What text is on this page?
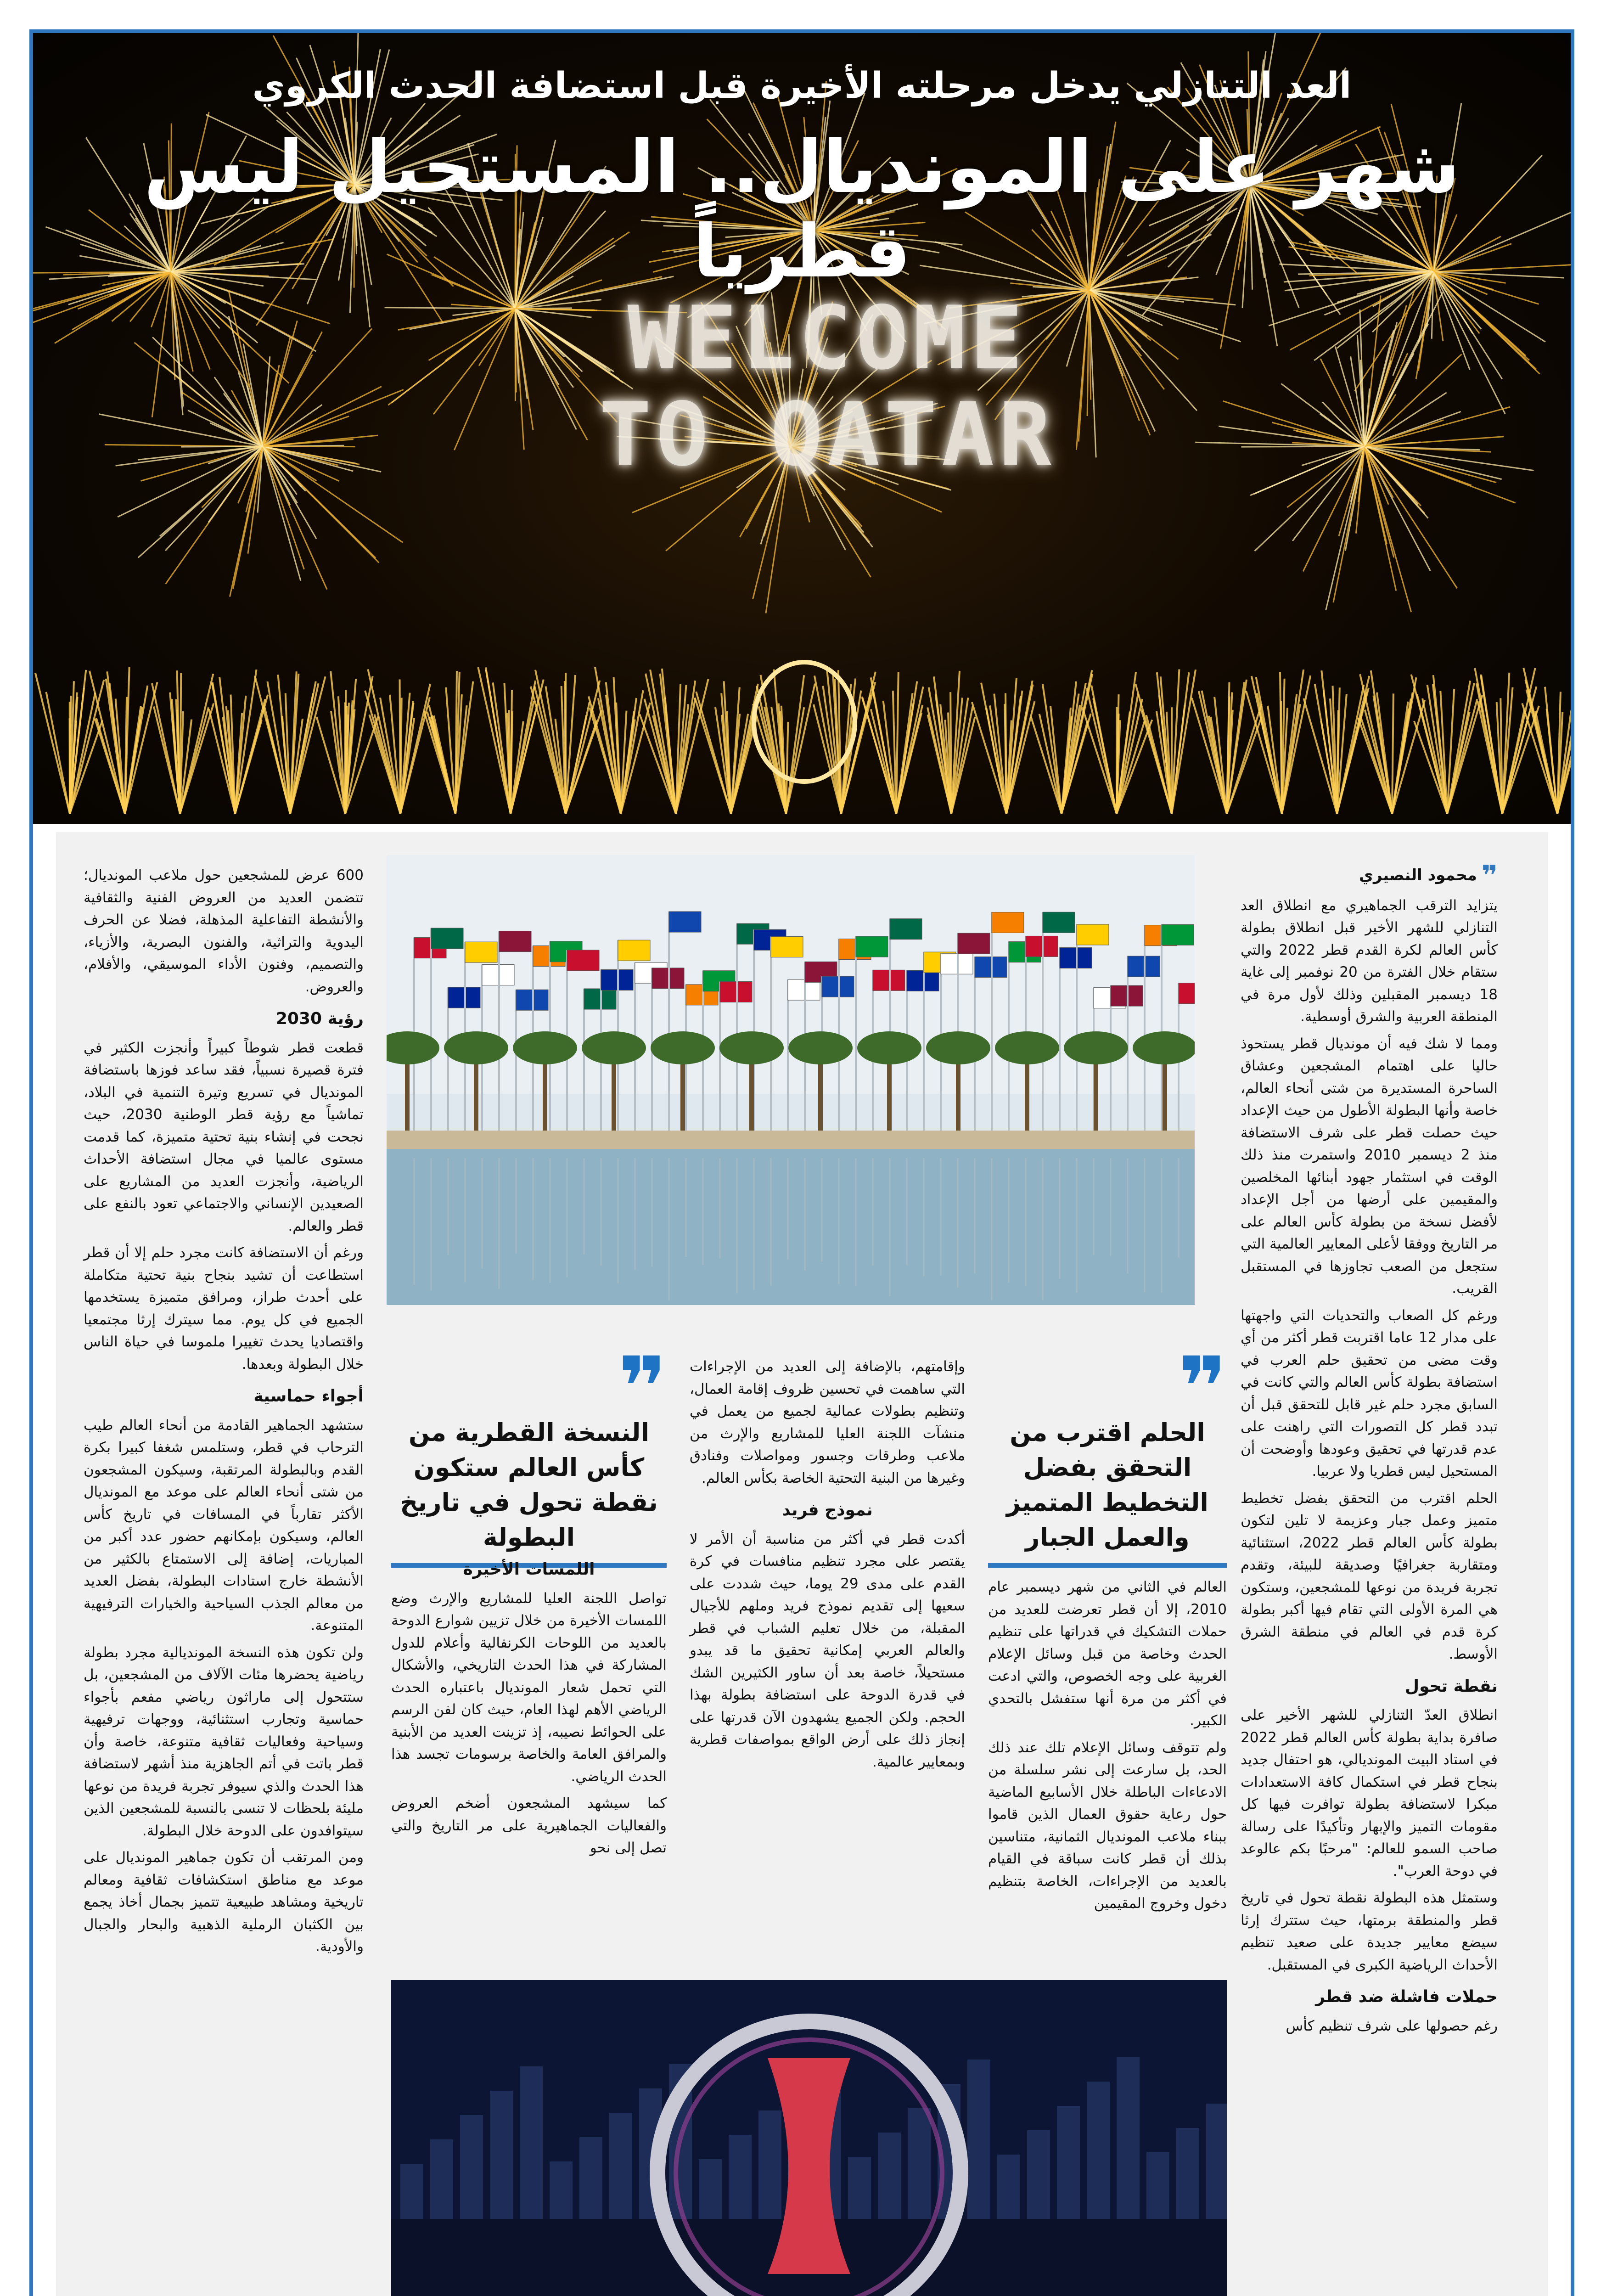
WELCOME
TO QATAR
العد التنازلي يدخل مرحلته الأخيرة قبل استضافة الحدث الكروي
شهر على المونديال.. المستحيل ليس قطرياً
❞محمود النصيري

يتزايد الترقب الجماهيري مع انطلاق العد التنازلي للشهر الأخير قبل انطلاق بطولة كأس العالم لكرة القدم قطر 2022 والتي ستقام خلال الفترة من 20 نوفمبر إلى غاية 18 ديسمبر المقبلين وذلك لأول مرة في المنطقة العربية والشرق أوسطية.

ومما لا شك فيه أن مونديال قطر يستحوذ حاليا على اهتمام المشجعين وعشاق الساحرة المستديرة من شتى أنحاء العالم، خاصة وأنها البطولة الأطول من حيث الإعداد حيث حصلت قطر على شرف الاستضافة منذ 2 ديسمبر 2010 واستمرت منذ ذلك الوقت في استثمار جهود أبنائها المخلصين والمقيمين على أرضها من أجل الإعداد لأفضل نسخة من بطولة كأس العالم على مر التاريخ ووفقا لأعلى المعايير العالمية التي ستجعل من الصعب تجاوزها في المستقبل القريب.

ورغم كل الصعاب والتحديات التي واجهتها على مدار 12 عاما اقتربت قطر أكثر من أي وقت مضى من تحقيق حلم العرب في استضافة بطولة كأس العالم والتي كانت في السابق مجرد حلم غير قابل للتحقق قبل أن تبدد قطر كل التصورات التي راهنت على عدم قدرتها في تحقيق وعودها وأوضحت أن المستحيل ليس قطريا ولا عربيا.

الحلم اقترب من التحقق بفضل تخطيط متميز وعمل جبار وعزيمة لا تلين لتكون بطولة كأس العالم قطر 2022، استثنائية ومتقاربة جغرافيًا وصديقة للبيئة، وتقدم تجربة فريدة من نوعها للمشجعين، وستكون هي المرة الأولى التي تقام فيها أكبر بطولة كرة قدم في العالم في منطقة الشرق الأوسط.

نقطة تحول

انطلاق العدّ التنازلي للشهر الأخير على صافرة بداية بطولة كأس العالم قطر 2022 في استاد البيت المونديالي، هو احتفال جديد بنجاح قطر في استكمال كافة الاستعدادات مبكرا لاستضافة بطولة توافرت فيها كل مقومات التميز والإبهار وتأكيدًا على رسالة صاحب السمو للعالم: "مرحبًا بكم عالوعد في دوحة العرب".

وستمثل هذه البطولة نقطة تحول في تاريخ قطر والمنطقة برمتها، حيث ستترك إرثا سيضع معايير جديدة على صعيد تنظيم الأحداث الرياضية الكبرى في المستقبل.

حملات فاشلة ضد قطر

رغم حصولها على شرف تنظيم كأس

600 عرض للمشجعين حول ملاعب المونديال؛ تتضمن العديد من العروض الفنية والثقافية والأنشطة التفاعلية المذهلة، فضلا عن الحرف اليدوية والتراثية، والفنون البصرية، والأزياء، والتصميم، وفنون الأداء الموسيقي، والأفلام، والعروض.

رؤية 2030

قطعت قطر شوطاً كبيراً وأنجزت الكثير في فترة قصيرة نسبياً، فقد ساعد فوزها باستضافة المونديال في تسريع وتيرة التنمية في البلاد، تماشياً مع رؤية قطر الوطنية 2030، حيث نجحت في إنشاء بنية تحتية متميزة، كما قدمت مستوى عالميا في مجال استضافة الأحداث الرياضية، وأنجزت العديد من المشاريع على الصعيدين الإنساني والاجتماعي تعود بالنفع على قطر والعالم.

ورغم أن الاستضافة كانت مجرد حلم إلا أن قطر استطاعت أن تشيد بنجاح بنية تحتية متكاملة على أحدث طراز، ومرافق متميزة يستخدمها الجميع في كل يوم. مما سيترك إرثا مجتمعيا واقتصاديا يحدث تغييرا ملموسا في حياة الناس خلال البطولة وبعدها.

أجواء حماسية

ستشهد الجماهير القادمة من أنحاء العالم طيب الترحاب في قطر، وستلمس شغفا كبيرا بكرة القدم وبالبطولة المرتقبة، وسيكون المشجعون من شتى أنحاء العالم على موعد مع المونديال الأكثر تقارباً في المسافات في تاريخ كأس العالم، وسيكون بإمكانهم حضور عدد أكبر من المباريات، إضافة إلى الاستمتاع بالكثير من الأنشطة خارج استادات البطولة، بفضل العديد من معالم الجذب السياحية والخيارات الترفيهية المتنوعة.

ولن تكون هذه النسخة المونديالية مجرد بطولة رياضية يحضرها مئات الآلاف من المشجعين، بل ستتحول إلى ماراثون رياضي مفعم بأجواء حماسية وتجارب استثنائية، ووجهات ترفيهية وسياحية وفعاليات ثقافية متنوعة، خاصة وأن قطر باتت في أتم الجاهزية منذ أشهر لاستضافة هذا الحدث والذي سيوفر تجربة فريدة من نوعها مليئة بلحظات لا تنسى بالنسبة للمشجعين الذين سيتوافدون على الدوحة خلال البطولة.

ومن المرتقب أن تكون جماهير المونديال على موعد مع مناطق استكشافات ثقافية ومعالم تاريخية ومشاهد طبيعية تتميز بجمال أخاذ يجمع بين الكثبان الرملية الذهبية والبحار والجبال والأودية.

❞
الحلم اقترب من التحقق بفضل التخطيط المتميز والعمل الجبار

العالم في الثاني من شهر ديسمبر عام 2010، إلا أن قطر تعرضت للعديد من حملات التشكيك في قدراتها على تنظيم الحدث وخاصة من قبل وسائل الإعلام الغربية على وجه الخصوص، والتي ادعت في أكثر من مرة أنها ستفشل بالتحدي الكبير.

ولم تتوقف وسائل الإعلام تلك عند ذلك الحد، بل سارعت إلى نشر سلسلة من الادعاءات الباطلة خلال الأسابيع الماضية حول رعاية حقوق العمال الذين قاموا ببناء ملاعب المونديال الثمانية، متناسين بذلك أن قطر كانت سباقة في القيام بالعديد من الإجراءات، الخاصة بتنظيم دخول وخروج المقيمين

وإقامتهم، بالإضافة إلى العديد من الإجراءات التي ساهمت في تحسين ظروف إقامة العمال، وتنظيم بطولات عمالية لجميع من يعمل في منشآت اللجنة العليا للمشاريع والإرث من ملاعب وطرقات وجسور ومواصلات وفنادق وغيرها من البنية التحتية الخاصة بكأس العالم.

نموذج فريد

أكدت قطر في أكثر من مناسبة أن الأمر لا يقتصر على مجرد تنظيم منافسات في كرة القدم على مدى 29 يوما، حيث شددت على سعيها إلى تقديم نموذج فريد وملهم للأجيال المقبلة، من خلال تعليم الشباب في قطر والعالم العربي إمكانية تحقيق ما قد يبدو مستحيلاً، خاصة بعد أن ساور الكثيرين الشك في قدرة الدوحة على استضافة بطولة بهذا الحجم. ولكن الجميع يشهدون الآن قدرتها على إنجاز ذلك على أرض الواقع بمواصفات قطرية وبمعايير عالمية.

❞
النسخة القطرية من كأس العالم ستكون نقطة تحول في تاريخ البطولة
اللمسات الأخيرة

تواصل اللجنة العليا للمشاريع والإرث وضع اللمسات الأخيرة من خلال تزيين شوارع الدوحة بالعديد من اللوحات الكرنفالية وأعلام للدول المشاركة في هذا الحدث التاريخي، والأشكال التي تحمل شعار المونديال باعتباره الحدث الرياضي الأهم لهذا العام، حيث كان لفن الرسم على الحوائط نصيبه، إذ تزينت العديد من الأبنية والمرافق العامة والخاصة برسومات تجسد هذا الحدث الرياضي.

كما سيشهد المشجعون أضخم العروض والفعاليات الجماهيرية على مر التاريخ والتي تصل إلى نحو
